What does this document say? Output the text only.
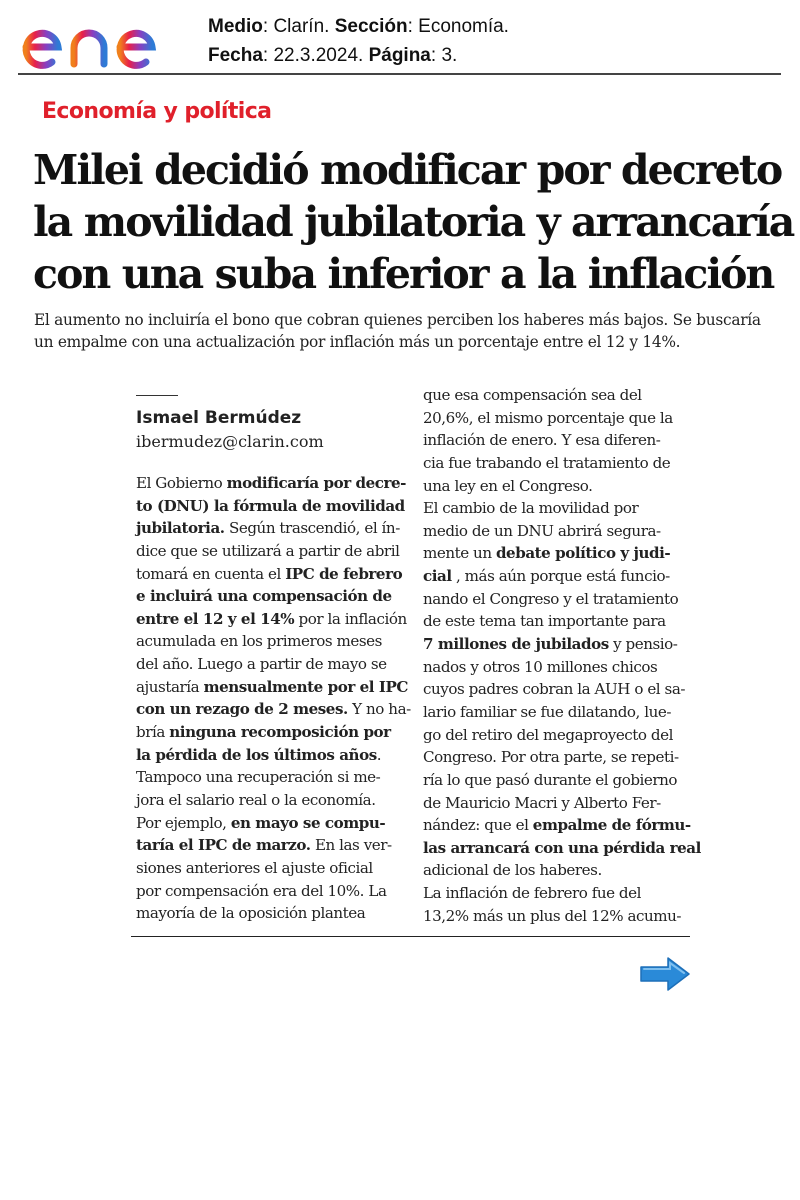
Medio: Clarín. Sección: Economía.
Fecha: 22.3.2024. Página: 3.
Economía y política
Milei decidió modificar por decreto
la movilidad jubilatoria y arrancaría
con una suba inferior a la inflación

El aumento no incluiría el bono que cobran quienes perciben los haberes más bajos. Se buscaría
un empalme con una actualización por inflación más un porcentaje entre el 12 y 14%.

Ismael Bermúdez
ibermudez@clarin.com

El Gobierno modificaría por decre-
to (DNU) la fórmula de movilidad
jubilatoria. Según trascendió, el ín-
dice que se utilizará a partir de abril
tomará en cuenta el IPC de febrero
e incluirá una compensación de
entre el 12 y el 14% por la inflación
acumulada en los primeros meses
del año. Luego a partir de mayo se
ajustaría mensualmente por el IPC
con un rezago de 2 meses. Y no ha-
bría ninguna recomposición por
la pérdida de los últimos años.
Tampoco una recuperación si me-
jora el salario real o la economía.

Por ejemplo, en mayo se compu-
taría el IPC de marzo. En las ver-
siones anteriores el ajuste oficial
por compensación era del 10%. La
mayoría de la oposición plantea

que esa compensación sea del
20,6%, el mismo porcentaje que la
inflación de enero. Y esa diferen-
cia fue trabando el tratamiento de
una ley en el Congreso.

El cambio de la movilidad por
medio de un DNU abrirá segura-
mente un debate político y judi-
cial , más aún porque está funcio-
nando el Congreso y el tratamiento
de este tema tan importante para
7 millones de jubilados y pensio-
nados y otros 10 millones chicos
cuyos padres cobran la AUH o el sa-
lario familiar se fue dilatando, lue-
go del retiro del megaproyecto del
Congreso. Por otra parte, se repeti-
ría lo que pasó durante el gobierno
de Mauricio Macri y Alberto Fer-
nández: que el empalme de fórmu-
las arrancará con una pérdida real
adicional de los haberes.

La inflación de febrero fue del
13,2% más un plus del 12% acumu-
